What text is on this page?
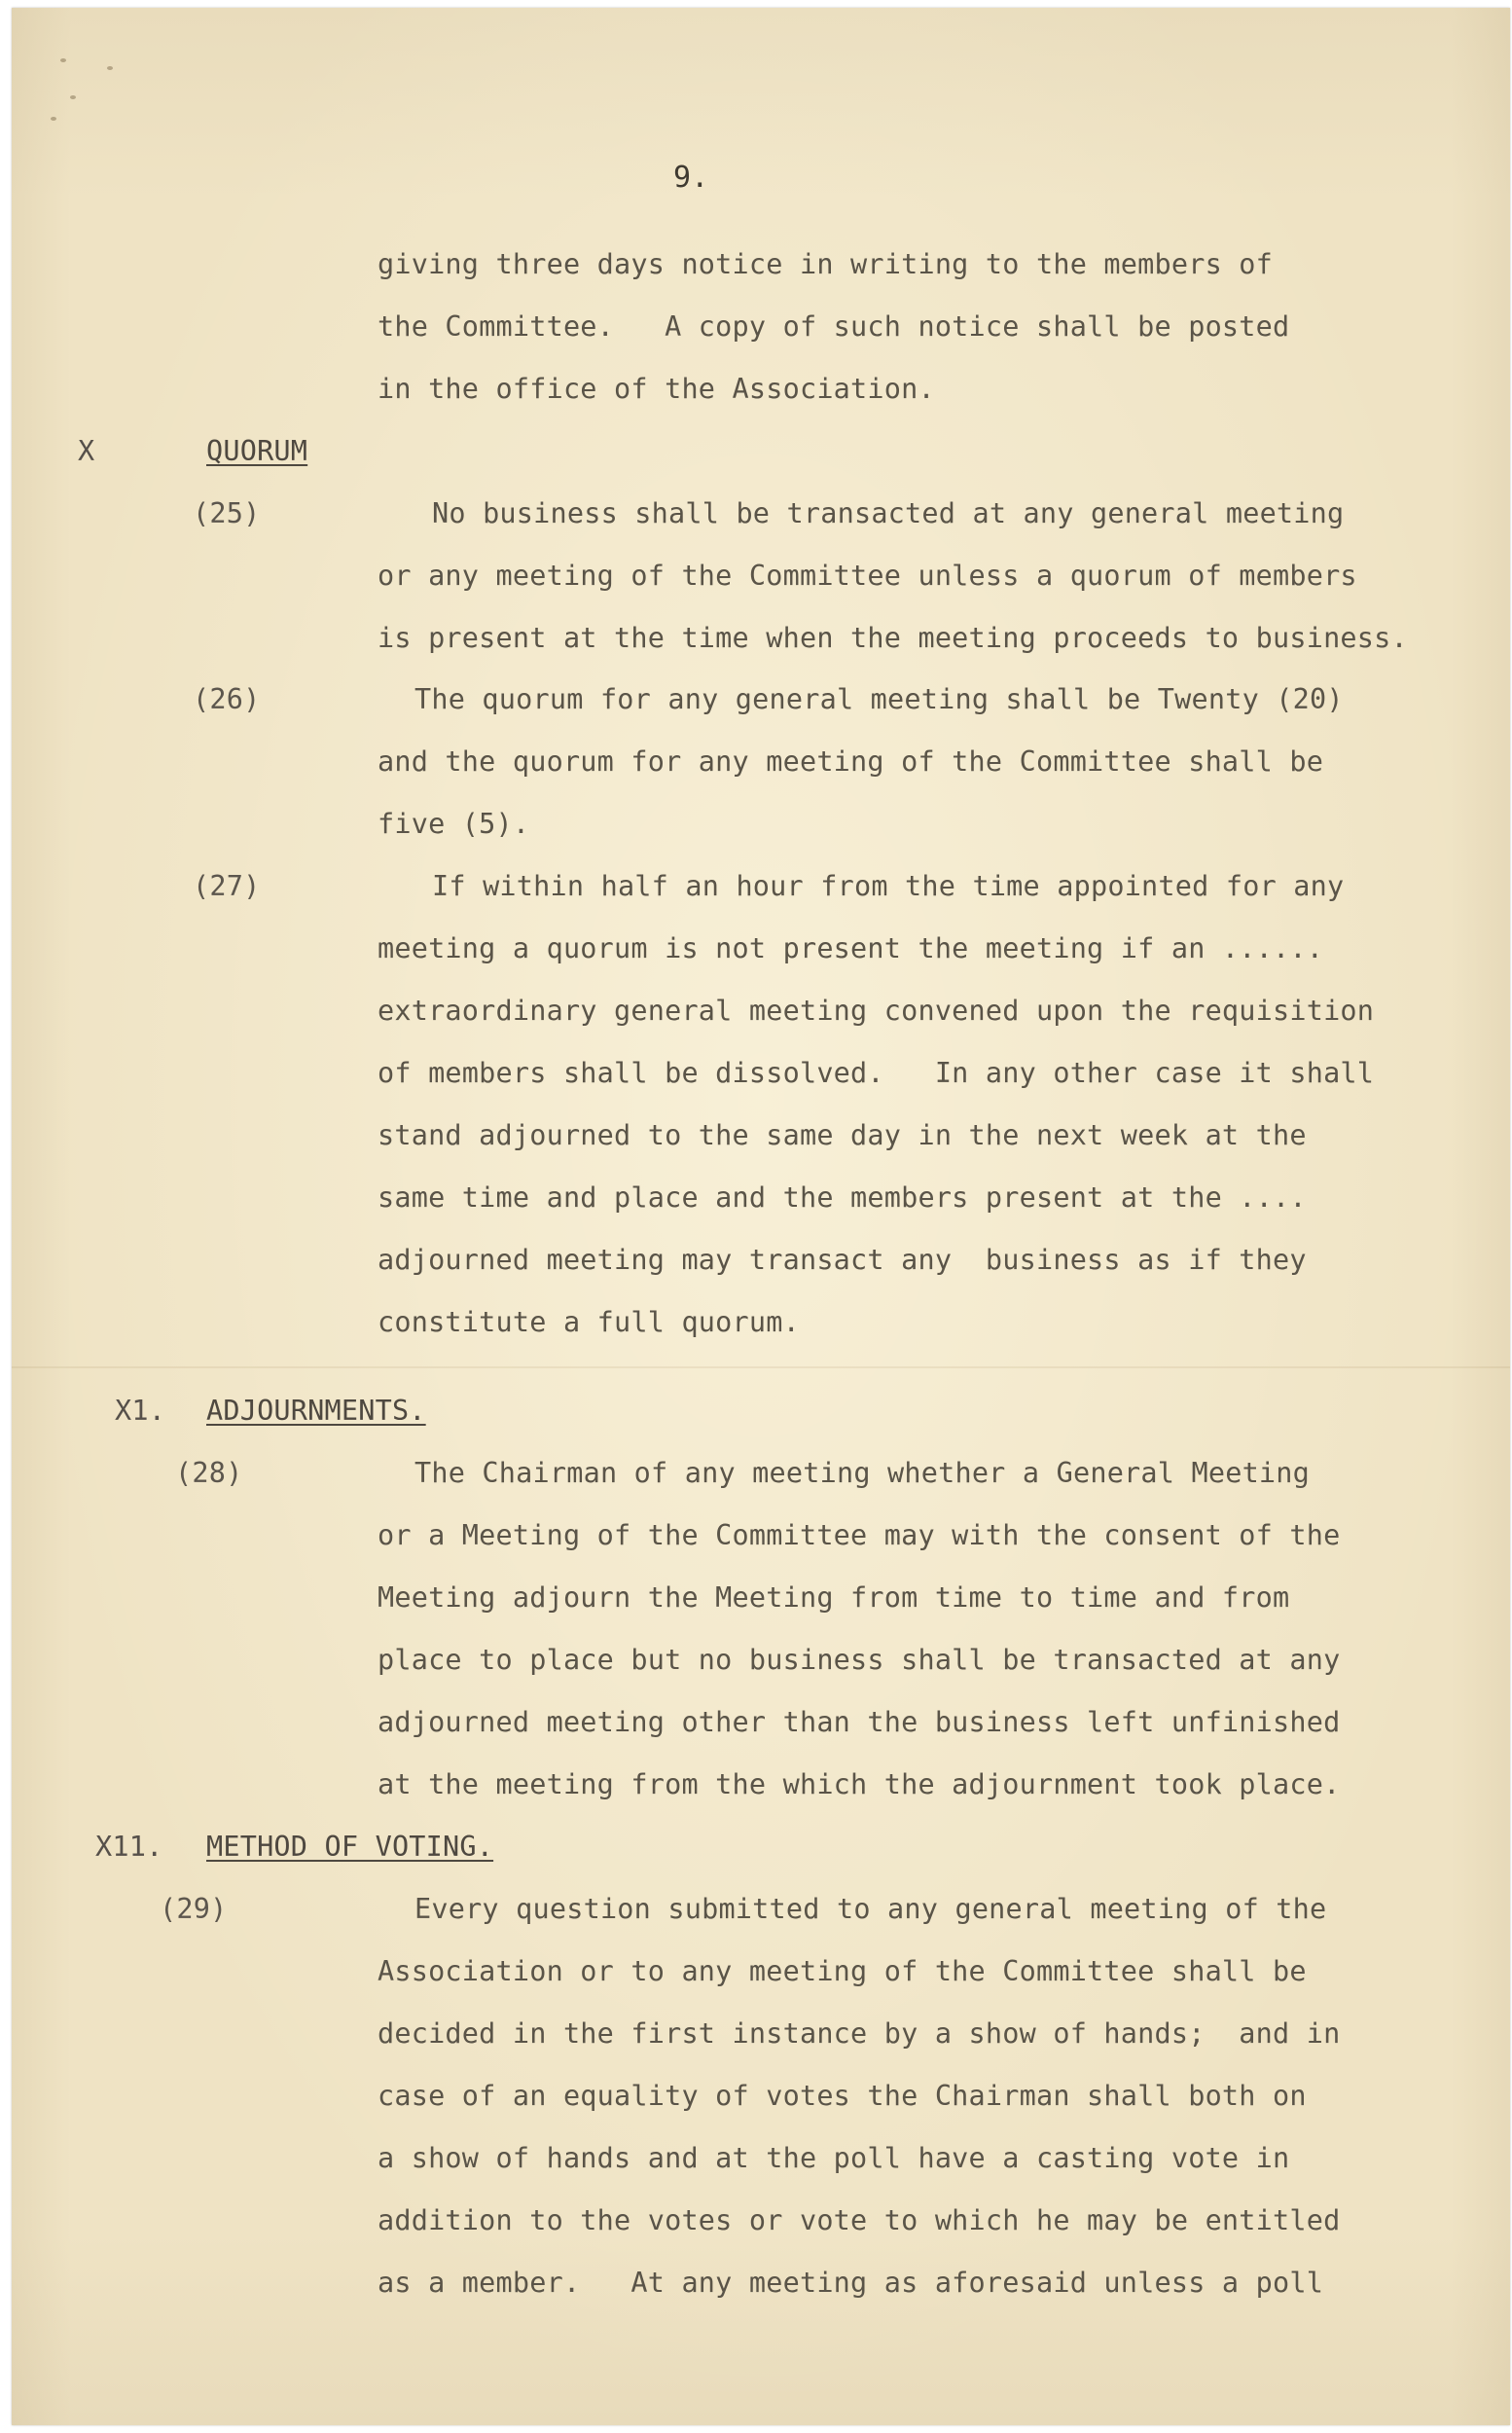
9.
giving three days notice in writing to the members of
the Committee.   A copy of such notice shall be posted
in the office of the Association.
X	QUORUM
(25)	No business shall be transacted at any general meeting
or any meeting of the Committee unless a quorum of members
is present at the time when the meeting proceeds to business.
(26)	The quorum for any general meeting shall be Twenty (20)
and the quorum for any meeting of the Committee shall be
five (5).
(27)	If within half an hour from the time appointed for any
meeting a quorum is not present the meeting if an ......
extraordinary general meeting convened upon the requisition
of members shall be dissolved.   In any other case it shall
stand adjourned to the same day in the next week at the
same time and place and the members present at the ....
adjourned meeting may transact any  business as if they
constitute a full quorum.
X1. ADJOURNMENTS.
(28)	The Chairman of any meeting whether a General Meeting
or a Meeting of the Committee may with the consent of the
Meeting adjourn the Meeting from time to time and from
place to place but no business shall be transacted at any
adjourned meeting other than the business left unfinished
at the meeting from the which the adjournment took place.
X11. METHOD OF VOTING.
(29)	Every question submitted to any general meeting of the
Association or to any meeting of the Committee shall be
decided in the first instance by a show of hands;  and in
case of an equality of votes the Chairman shall both on
a show of hands and at the poll have a casting vote in
addition to the votes or vote to which he may be entitled
as a member.   At any meeting as aforesaid unless a poll
